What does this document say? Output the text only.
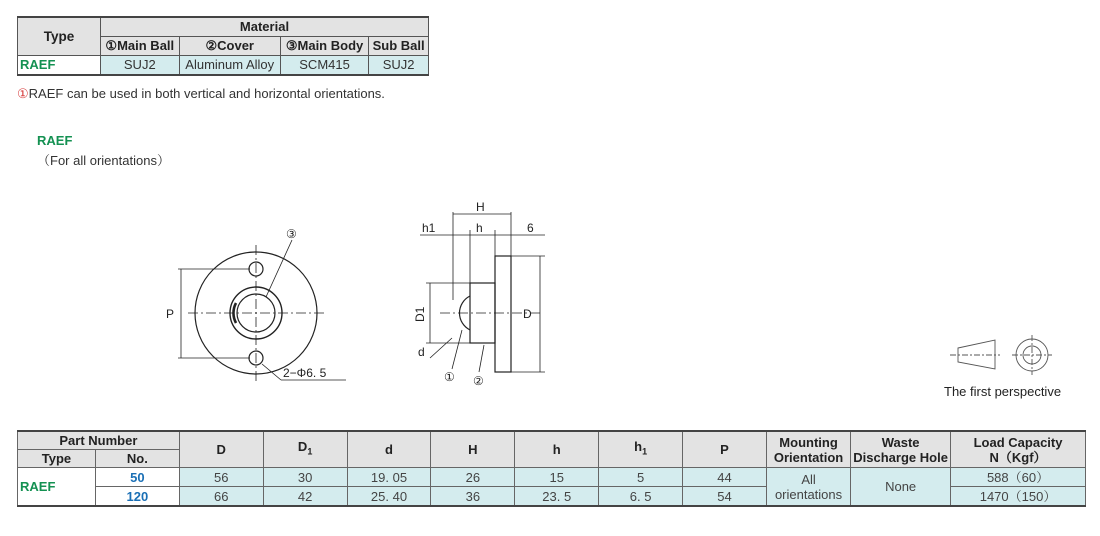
Type	Material			
	①Main Ball	②Cover	③Main Body	Sub Ball
RAEF	SUJ2	Aluminum Alloy	SCM415	SUJ2
①RAEF can be used in both vertical and horizontal orientations.
RAEF
（For all orientations）
P
③
2−Φ6. 5
H
h1	h	6
D1	D
d
① ②
The first perspective
Part Number		D	$D_1$	d	H	h	$h_1$	P	Mounting Orientation	Waste Discharge Hole	Load Capacity
N（Kgf）
Type	No.										
RAEF	50	56	30	19. 05	26	15	5	44	All orientations	None	588（60）
	120	66	42	25. 40	36	23. 5	6. 5	54			1470（150）
